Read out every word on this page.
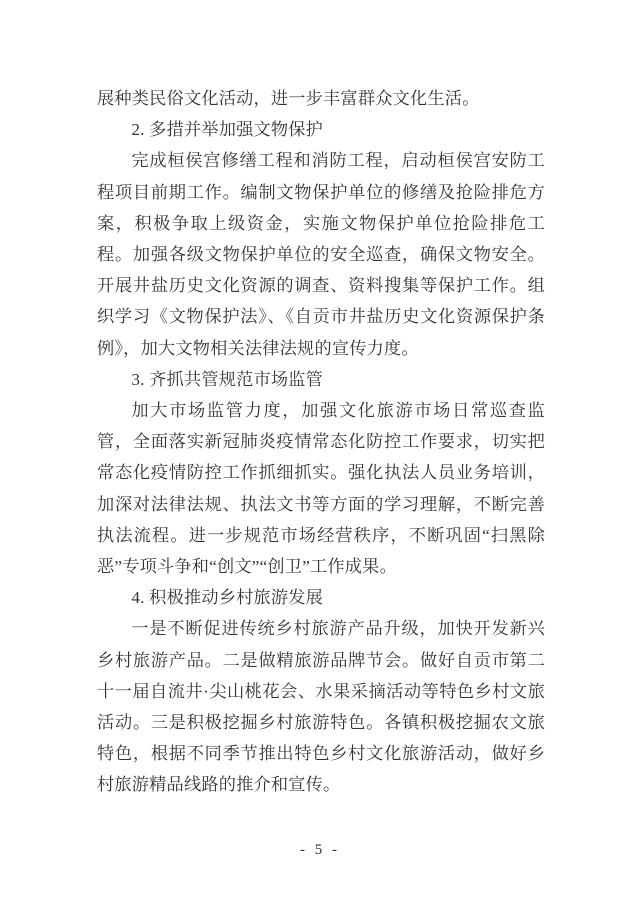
展种类民俗文化活动，进一步丰富群众文化生活。

2. 多措并举加强文物保护

完成桓侯宫修缮工程和消防工程，启动桓侯宫安防工程项目前期工作。编制文物保护单位的修缮及抢险排危方案，积极争取上级资金，实施文物保护单位抢险排危工程。加强各级文物保护单位的安全巡查，确保文物安全。开展井盐历史文化资源的调查、资料搜集等保护工作。组织学习《文物保护法》、《自贡市井盐历史文化资源保护条例》，加大文物相关法律法规的宣传力度。

3. 齐抓共管规范市场监管

加大市场监管力度，加强文化旅游市场日常巡查监管，全面落实新冠肺炎疫情常态化防控工作要求，切实把常态化疫情防控工作抓细抓实。强化执法人员业务培训，加深对法律法规、执法文书等方面的学习理解，不断完善执法流程。进一步规范市场经营秩序，不断巩固“扫黑除恶”专项斗争和“创文”“创卫”工作成果。

4. 积极推动乡村旅游发展

一是不断促进传统乡村旅游产品升级，加快开发新兴乡村旅游产品。二是做精旅游品牌节会。做好自贡市第二十一届自流井·尖山桃花会、水果采摘活动等特色乡村文旅活动。三是积极挖掘乡村旅游特色。各镇积极挖掘农文旅特色，根据不同季节推出特色乡村文化旅游活动，做好乡村旅游精品线路的推介和宣传。

- 5 -
